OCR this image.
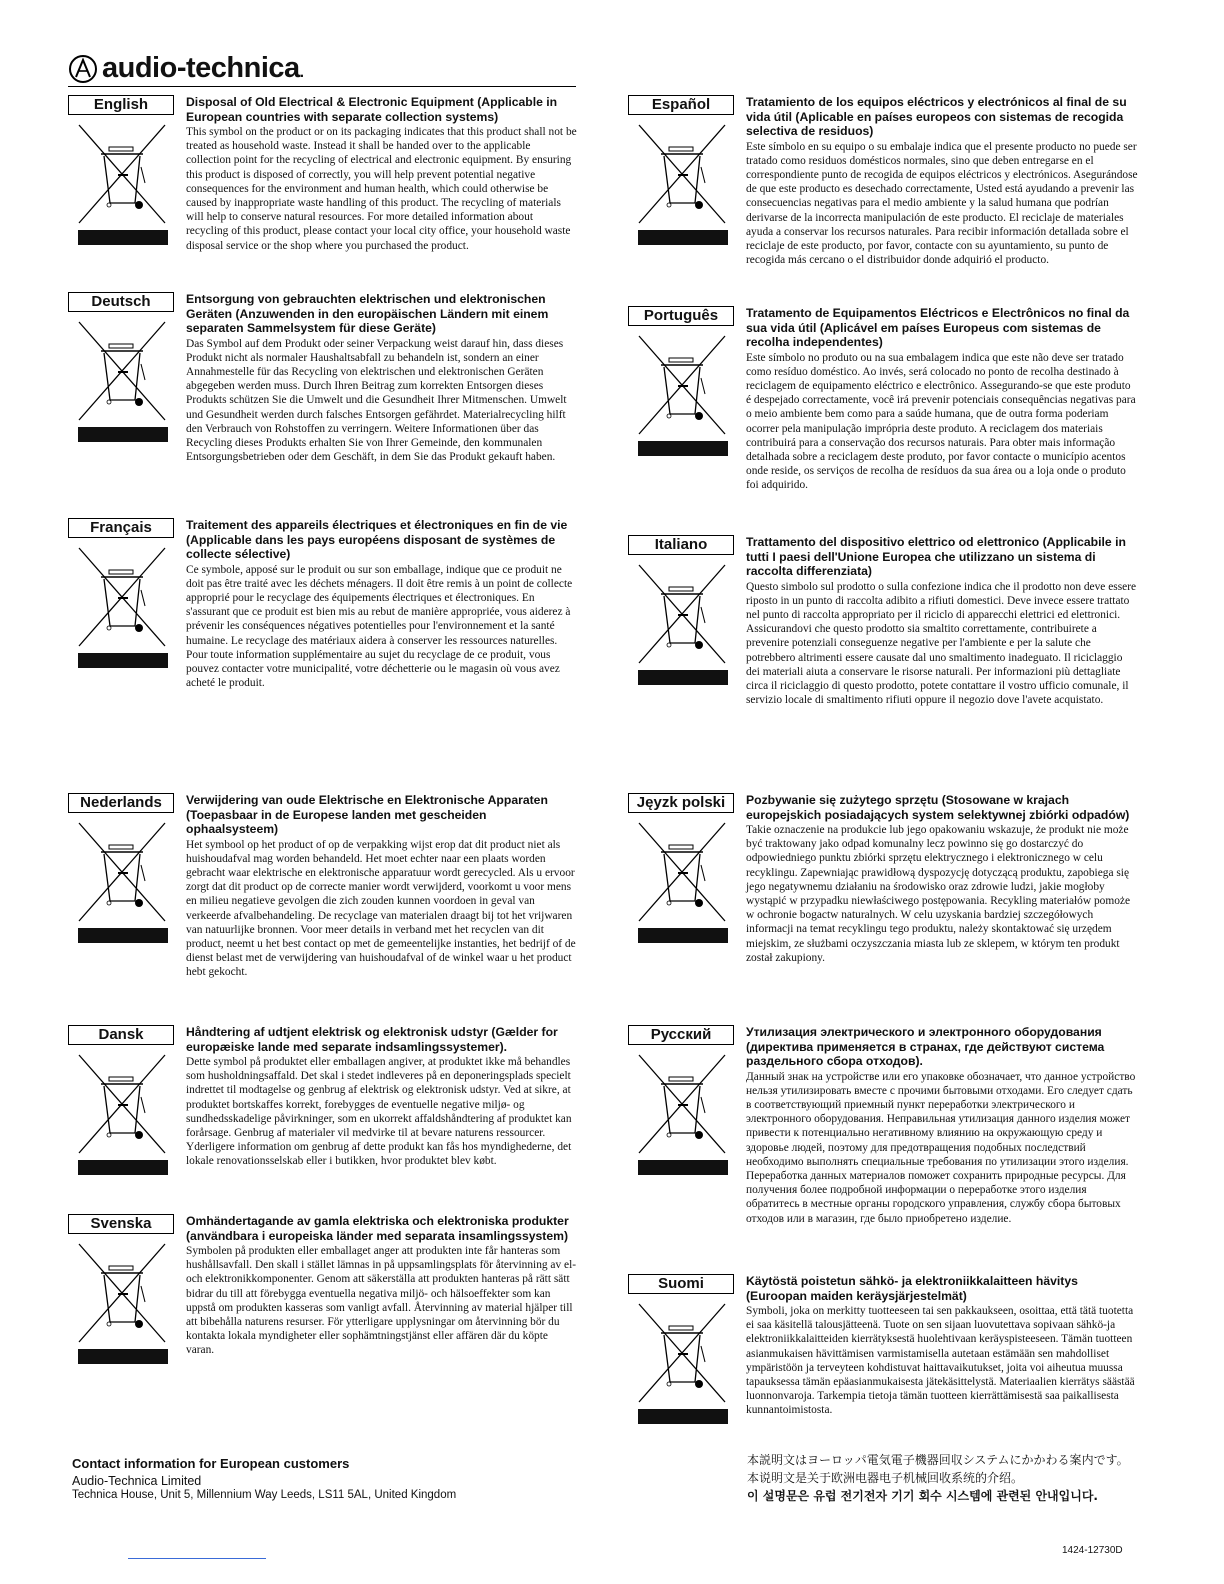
audio-technica.
English	Disposal of Old Electrical & Electronic Equipment (Applicable in European countries with separate collection systems)

This symbol on the product or on its packaging indicates that this product shall not be treated as household waste. Instead it shall be handed over to the applicable collection point for the recycling of electrical and electronic equipment. By ensuring this product is disposed of correctly, you will help prevent potential negative consequences for the environment and human health, which could otherwise be caused by inappropriate waste handling of this product. The recycling of materials will help to conserve natural resources. For more detailed information about recycling of this product, please contact your local city office, your household waste disposal service or the shop where you purchased the product.

Deutsch	Entsorgung von gebrauchten elektrischen und elektronischen Geräten (Anzuwenden in den europäischen Ländern mit einem separaten Sammelsystem für diese Geräte)

Das Symbol auf dem Produkt oder seiner Verpackung weist darauf hin, dass dieses Produkt nicht als normaler Haushaltsabfall zu behandeln ist, sondern an einer Annahmestelle für das Recycling von elektrischen und elektronischen Geräten abgegeben werden muss. Durch Ihren Beitrag zum korrekten Entsorgen dieses Produkts schützen Sie die Umwelt und die Gesundheit Ihrer Mitmenschen. Umwelt und Gesundheit werden durch falsches Entsorgen gefährdet. Materialrecycling hilft den Verbrauch von Rohstoffen zu verringern. Weitere Informationen über das Recycling dieses Produkts erhalten Sie von Ihrer Gemeinde, den kommunalen Entsorgungsbetrieben oder dem Geschäft, in dem Sie das Produkt gekauft haben.

Français	Traitement des appareils électriques et électroniques en fin de vie (Applicable dans les pays européens disposant de systèmes de collecte sélective)

Ce symbole, apposé sur le produit ou sur son emballage, indique que ce produit ne doit pas être traité avec les déchets ménagers. Il doit être remis à un point de collecte approprié pour le recyclage des équipements électriques et électroniques. En s'assurant que ce produit est bien mis au rebut de manière appropriée, vous aiderez à prévenir les conséquences négatives potentielles pour l'environnement et la santé humaine. Le recyclage des matériaux aidera à conserver les ressources naturelles. Pour toute information supplémentaire au sujet du recyclage de ce produit, vous pouvez contacter votre municipalité, votre déchetterie ou le magasin où vous avez acheté le produit.

Nederlands	Verwijdering van oude Elektrische en Elektronische Apparaten (Toepasbaar in de Europese landen met gescheiden ophaalsysteem)

Het symbool op het product of op de verpakking wijst erop dat dit product niet als huishoudafval mag worden behandeld. Het moet echter naar een plaats worden gebracht waar elektrische en elektronische apparatuur wordt gerecycled. Als u ervoor zorgt dat dit product op de correcte manier wordt verwijderd, voorkomt u voor mens en milieu negatieve gevolgen die zich zouden kunnen voordoen in geval van verkeerde afvalbehandeling. De recyclage van materialen draagt bij tot het vrijwaren van natuurlijke bronnen. Voor meer details in verband met het recyclen van dit product, neemt u het best contact op met de gemeentelijke instanties, het bedrijf of de dienst belast met de verwijdering van huishoudafval of de winkel waar u het product hebt gekocht.

Dansk	Håndtering af udtjent elektrisk og elektronisk udstyr (Gælder for europæiske lande med separate indsamlingssystemer).

Dette symbol på produktet eller emballagen angiver, at produktet ikke må behandles som husholdningsaffald. Det skal i stedet indleveres på en deponeringsplads specielt indrettet til modtagelse og genbrug af elektrisk og elektronisk udstyr. Ved at sikre, at produktet bortskaffes korrekt, forebygges de eventuelle negative miljø- og sundhedsskadelige påvirkninger, som en ukorrekt affaldshåndtering af produktet kan forårsage. Genbrug af materialer vil medvirke til at bevare naturens ressourcer. Yderligere information om genbrug af dette produkt kan fås hos myndighederne, det lokale renovationsselskab eller i butikken, hvor produktet blev købt.

Svenska	Omhändertagande av gamla elektriska och elektroniska produkter (användbara i europeiska länder med separata insamlingssystem)

Symbolen på produkten eller emballaget anger att produkten inte får hanteras som hushållsavfall. Den skall i stället lämnas in på uppsamlingsplats för återvinning av el- och elektronikkomponenter. Genom att säkerställa att produkten hanteras på rätt sätt bidrar du till att förebygga eventuella negativa miljö- och hälsoeffekter som kan uppstå om produkten kasseras som vanligt avfall. Återvinning av material hjälper till att bibehålla naturens resurser. För ytterligare upplysningar om återvinning bör du kontakta lokala myndigheter eller sophämtningstjänst eller affären där du köpte varan.

Español	Tratamiento de los equipos eléctricos y electrónicos al final de su vida útil (Aplicable en países europeos con sistemas de recogida selectiva de residuos)

Este símbolo en su equipo o su embalaje indica que el presente producto no puede ser tratado como residuos domésticos normales, sino que deben entregarse en el correspondiente punto de recogida de equipos eléctricos y electrónicos. Asegurándose de que este producto es desechado correctamente, Usted está ayudando a prevenir las consecuencias negativas para el medio ambiente y la salud humana que podrían derivarse de la incorrecta manipulación de este producto. El reciclaje de materiales ayuda a conservar los recursos naturales. Para recibir información detallada sobre el reciclaje de este producto, por favor, contacte con su ayuntamiento, su punto de recogida más cercano o el distribuidor donde adquirió el producto.

Português	Tratamento de Equipamentos Eléctricos e Electrônicos no final da sua vida útil (Aplicável em países Europeus com sistemas de recolha independentes)

Este símbolo no produto ou na sua embalagem indica que este não deve ser tratado como resíduo doméstico. Ao invés, será colocado no ponto de recolha destinado à reciclagem de equipamento eléctrico e electrônico. Assegurando-se que este produto é despejado correctamente, você irá prevenir potenciais consequências negativas para o meio ambiente bem como para a saúde humana, que de outra forma poderiam ocorrer pela manipulação imprópria deste produto. A reciclagem dos materiais contribuirá para a conservação dos recursos naturais. Para obter mais informação detalhada sobre a reciclagem deste produto, por favor contacte o município acentos onde reside, os serviços de recolha de resíduos da sua área ou a loja onde o produto foi adquirido.

Italiano	Trattamento del dispositivo elettrico od elettronico (Applicabile in tutti I paesi dell'Unione Europea che utilizzano un sistema di raccolta differenziata)

Questo simbolo sul prodotto o sulla confezione indica che il prodotto non deve essere riposto in un punto di raccolta adibito a rifiuti domestici. Deve invece essere trattato nel punto di raccolta appropriato per il riciclo di apparecchi elettrici ed elettronici. Assicurandovi che questo prodotto sia smaltito correttamente, contribuirete a prevenire potenziali conseguenze negative per l'ambiente e per la salute che potrebbero altrimenti essere causate dal uno smaltimento inadeguato. Il riciclaggio dei materiali aiuta a conservare le risorse naturali. Per informazioni più dettagliate circa il riciclaggio di questo prodotto, potete contattare il vostro ufficio comunale, il servizio locale di smaltimento rifiuti oppure il negozio dove l'avete acquistato.

Jęyzk polski	Pozbywanie się zużytego sprzętu (Stosowane w krajach europejskich posiadających system selektywnej zbiórki odpadów)

Takie oznaczenie na produkcie lub jego opakowaniu wskazuje, że produkt nie może być traktowany jako odpad komunalny lecz powinno się go dostarczyć do odpowiedniego punktu zbiórki sprzętu elektrycznego i elektronicznego w celu recyklingu. Zapewniając prawidłową dyspozycję dotyczącą produktu, zapobiega się jego negatywnemu działaniu na środowisko oraz zdrowie ludzi, jakie mogłoby wystąpić w przypadku niewłaściwego postępowania. Recykling materiałów pomoże w ochronie bogactw naturalnych. W celu uzyskania bardziej szczegółowych informacji na temat recyklingu tego produktu, należy skontaktować się urzędem miejskim, ze służbami oczyszczania miasta lub ze sklepem, w którym ten produkt został zakupiony.

Русский	Утилизация электрического и электронного оборудования (директива применяется в странах, где действуют система раздельного сбора отходов).

Данный знак на устройстве или его упаковке обозначает, что данное устройство нельзя утилизировать вместе с прочими бытовыми отходами. Его следует сдать в соответствующий приемный пункт переработки электрического и электронного оборудования. Неправильная утилизация данного изделия может привести к потенциально негативному влиянию на окружающую среду и здоровье людей, поэтому для предотвращения подобных последствий необходимо выполнять специальные требования по утилизации этого изделия. Переработка данных материалов поможет сохранить природные ресурсы. Для получения более подробной информации о переработке этого изделия обратитесь в местные органы городского управления, службу сбора бытовых отходов или в магазин, где было приобретено изделие.

Suomi	Käytöstä poistetun sähkö- ja elektroniikkalaitteen hävitys (Euroopan maiden keräysjärjestelmät)

Symboli, joka on merkitty tuotteeseen tai sen pakkaukseen, osoittaa, että tätä tuotetta ei saa käsitellä talousjätteenä. Tuote on sen sijaan luovutettava sopivaan sähkö-ja elektroniikkalaitteiden kierrätyksestä huolehtivaan keräyspisteeseen. Tämän tuotteen asianmukaisen hävittämisen varmistamisella autetaan estämään sen mahdolliset ympäristöön ja terveyteen kohdistuvat haittavaikutukset, joita voi aiheutua muussa tapauksessa tämän epäasianmukaisesta jätekäsittelystä. Materiaalien kierrätys säästää luonnonvaroja. Tarkempia tietoja tämän tuotteen kierrättämisestä saa paikallisesta kunnantoimistosta.

Contact information for European customers
Audio-Technica Limited
Technica House, Unit 5, Millennium Way Leeds, LS11 5AL, United Kingdom
本説明文はヨーロッパ電気電子機器回収システムにかかわる案内です。
本说明文是关于欧洲电器电子机械回收系统的介绍。
이 설명문은 유럽 전기전자 기기 회수 시스템에 관련된 안내입니다.
1424-12730D
